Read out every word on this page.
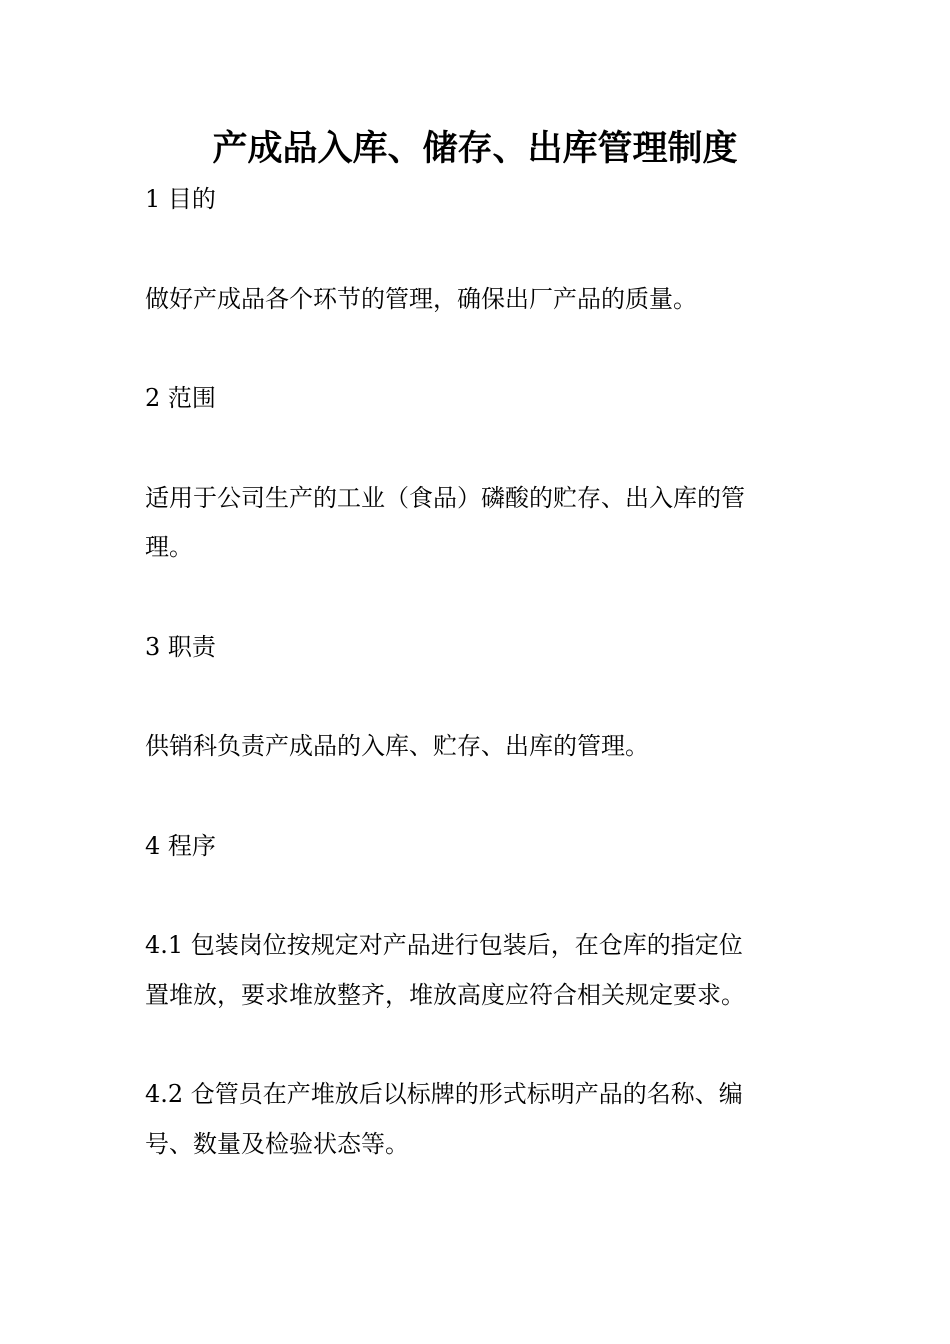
产成品入库、储存、出库管理制度
1 目的
做好产成品各个环节的管理，确保出厂产品的质量。
2 范围
适用于公司生产的工业（食品）磷酸的贮存、出入库的管
理。
3 职责
供销科负责产成品的入库、贮存、出库的管理。
4 程序
4.1 包装岗位按规定对产品进行包装后，在仓库的指定位
置堆放，要求堆放整齐，堆放高度应符合相关规定要求。
4.2 仓管员在产堆放后以标牌的形式标明产品的名称、编
号、数量及检验状态等。
